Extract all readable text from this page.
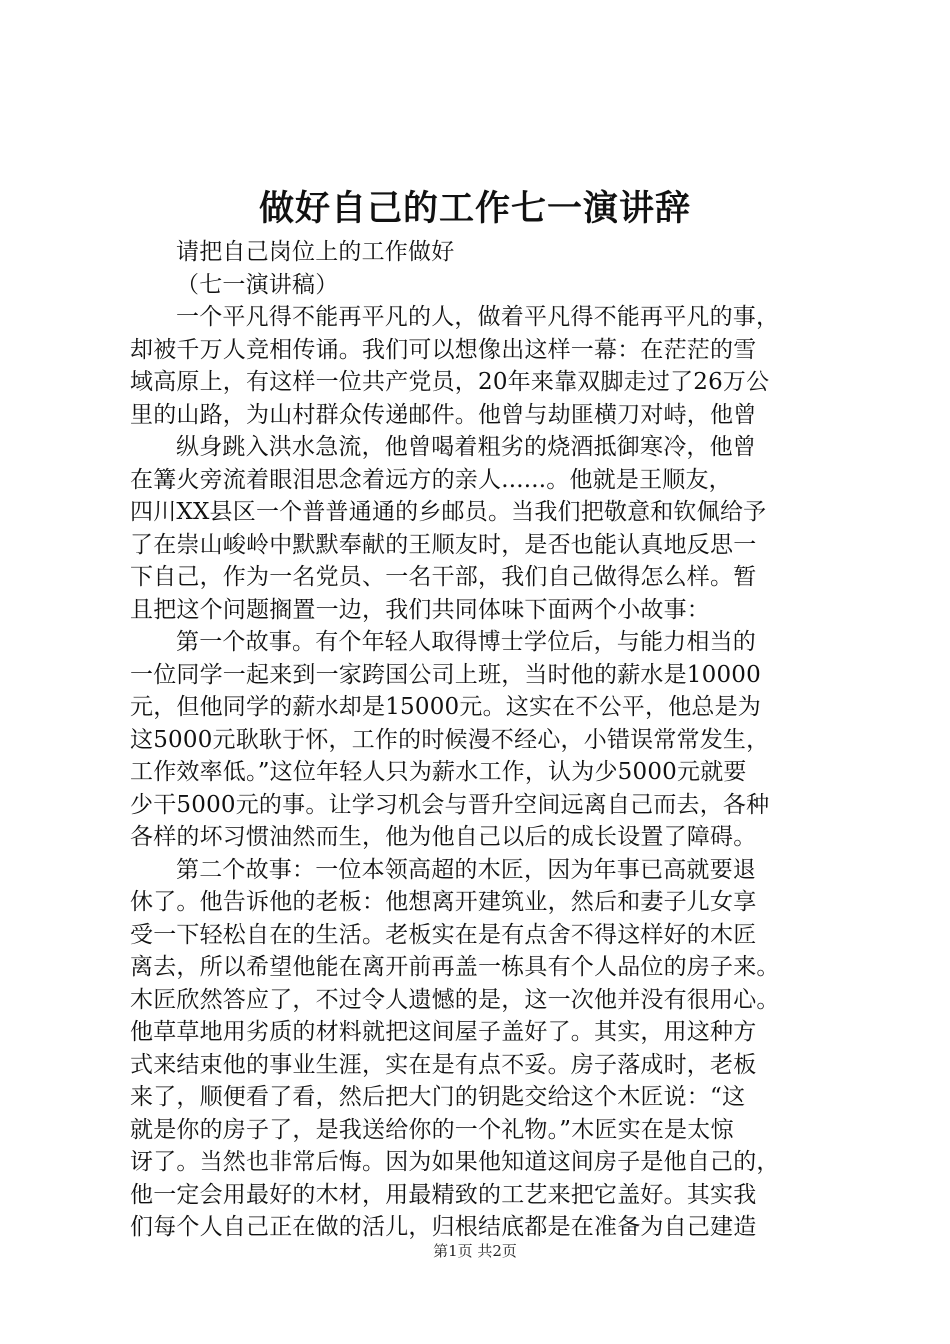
做好自己的工作七一演讲辞
请把自己岗位上的工作做好
（七一演讲稿）
一个平凡得不能再平凡的人，做着平凡得不能再平凡的事，
却被千万人竞相传诵。我们可以想像出这样一幕：在茫茫的雪
域高原上，有这样一位共产党员，20年来靠双脚走过了26万公
里的山路，为山村群众传递邮件。他曾与劫匪横刀对峙，他曾
纵身跳入洪水急流，他曾喝着粗劣的烧酒抵御寒冷，他曾
在篝火旁流着眼泪思念着远方的亲人......。他就是王顺友，
四川XX县区一个普普通通的乡邮员。当我们把敬意和钦佩给予
了在崇山峻岭中默默奉献的王顺友时，是否也能认真地反思一
下自己，作为一名党员、一名干部，我们自己做得怎么样。暂
且把这个问题搁置一边，我们共同体味下面两个小故事：
第一个故事。有个年轻人取得博士学位后，与能力相当的
一位同学一起来到一家跨国公司上班，当时他的薪水是10000
元，但他同学的薪水却是15000元。这实在不公平，他总是为
这5000元耿耿于怀，工作的时候漫不经心，小错误常常发生，
工作效率低。”这位年轻人只为薪水工作，认为少5000元就要
少干5000元的事。让学习机会与晋升空间远离自己而去，各种
各样的坏习惯油然而生，他为他自己以后的成长设置了障碍。
第二个故事：一位本领高超的木匠，因为年事已高就要退
休了。他告诉他的老板：他想离开建筑业，然后和妻子儿女享
受一下轻松自在的生活。老板实在是有点舍不得这样好的木匠
离去，所以希望他能在离开前再盖一栋具有个人品位的房子来。
木匠欣然答应了，不过令人遗憾的是，这一次他并没有很用心。
他草草地用劣质的材料就把这间屋子盖好了。其实，用这种方
式来结束他的事业生涯，实在是有点不妥。房子落成时，老板
来了，顺便看了看，然后把大门的钥匙交给这个木匠说：“这
就是你的房子了，是我送给你的一个礼物。”木匠实在是太惊
讶了。当然也非常后悔。因为如果他知道这间房子是他自己的，
他一定会用最好的木材，用最精致的工艺来把它盖好。其实我
们每个人自己正在做的活儿，归根结底都是在准备为自己建造
第1页 共2页
